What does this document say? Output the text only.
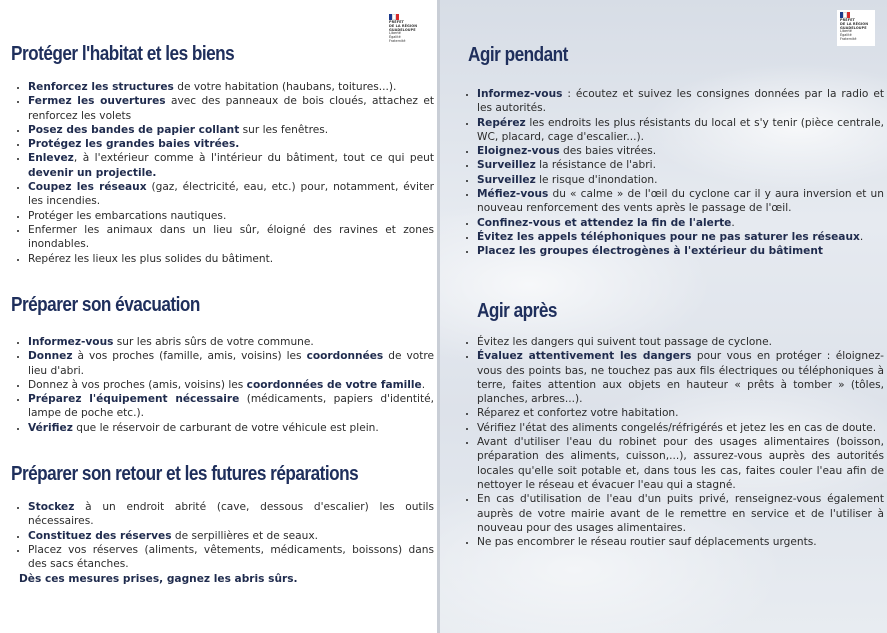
PRÉFET
DE LA RÉGION
GUADELOUPE
Liberté
Égalité
Fraternité
Protéger l'habitat et les biens
• Renforcez les structures de votre habitation (haubans, toitures...).
• Fermez les ouvertures avec des panneaux de bois cloués, attachez et renforcez les volets
• Posez des bandes de papier collant sur les fenêtres.
• Protégez les grandes baies vitrées.
• Enlevez, à l'extérieur comme à l'intérieur du bâtiment, tout ce qui peut devenir un projectile.
• Coupez les réseaux (gaz, électricité, eau, etc.) pour, notamment, éviter les incendies.
• Protéger les embarcations nautiques.
• Enfermer les animaux dans un lieu sûr, éloigné des ravines et zones inondables.
• Repérez les lieux les plus solides du bâtiment.
Préparer son évacuation
• Informez-vous sur les abris sûrs de votre commune.
• Donnez à vos proches (famille, amis, voisins) les coordonnées de votre lieu d'abri.
• Donnez à vos proches (amis, voisins) les coordonnées de votre famille.
• Préparez l'équipement nécessaire (médicaments, papiers d'identité, lampe de poche etc.).
• Vérifiez que le réservoir de carburant de votre véhicule est plein.
Préparer son retour et les futures réparations
• Stockez à un endroit abrité (cave, dessous d'escalier) les outils nécessaires.
• Constituez des réserves de serpillières et de seaux.
• Placez vos réserves (aliments, vêtements, médicaments, boissons) dans des sacs étanches.

Dès ces mesures prises, gagnez les abris sûrs.

PRÉFET
DE LA RÉGION
GUADELOUPE
Liberté
Égalité
Fraternité
Agir pendant
• Informez-vous : écoutez et suivez les consignes données par la radio et les autorités.
• Repérez les endroits les plus résistants du local et s'y tenir (pièce centrale, WC, placard, cage d'escalier...).
• Eloignez-vous des baies vitrées.
• Surveillez la résistance de l'abri.
• Surveillez le risque d'inondation.
• Méfiez-vous du « calme » de l'œil du cyclone car il y aura inversion et un nouveau renforcement des vents après le passage de l'œil.
• Confinez-vous et attendez la fin de l'alerte.
• Évitez les appels téléphoniques pour ne pas saturer les réseaux.
• Placez les groupes électrogènes à l'extérieur du bâtiment
Agir après
• Évitez les dangers qui suivent tout passage de cyclone.
• Évaluez attentivement les dangers pour vous en protéger : éloignez-vous des points bas, ne touchez pas aux fils électriques ou téléphoniques à terre, faites attention aux objets en hauteur « prêts à tomber » (tôles, planches, arbres...).
• Réparez et confortez votre habitation.
• Vérifiez l'état des aliments congelés/réfrigérés et jetez les en cas de doute.
• Avant d'utiliser l'eau du robinet pour des usages alimentaires (boisson, préparation des aliments, cuisson,...), assurez-vous auprès des autorités locales qu'elle soit potable et, dans tous les cas, faites couler l'eau afin de nettoyer le réseau et évacuer l'eau qui a stagné.
• En cas d'utilisation de l'eau d'un puits privé, renseignez-vous également auprès de votre mairie avant de le remettre en service et de l'utiliser à nouveau pour des usages alimentaires.
• Ne pas encombrer le réseau routier sauf déplacements urgents.
